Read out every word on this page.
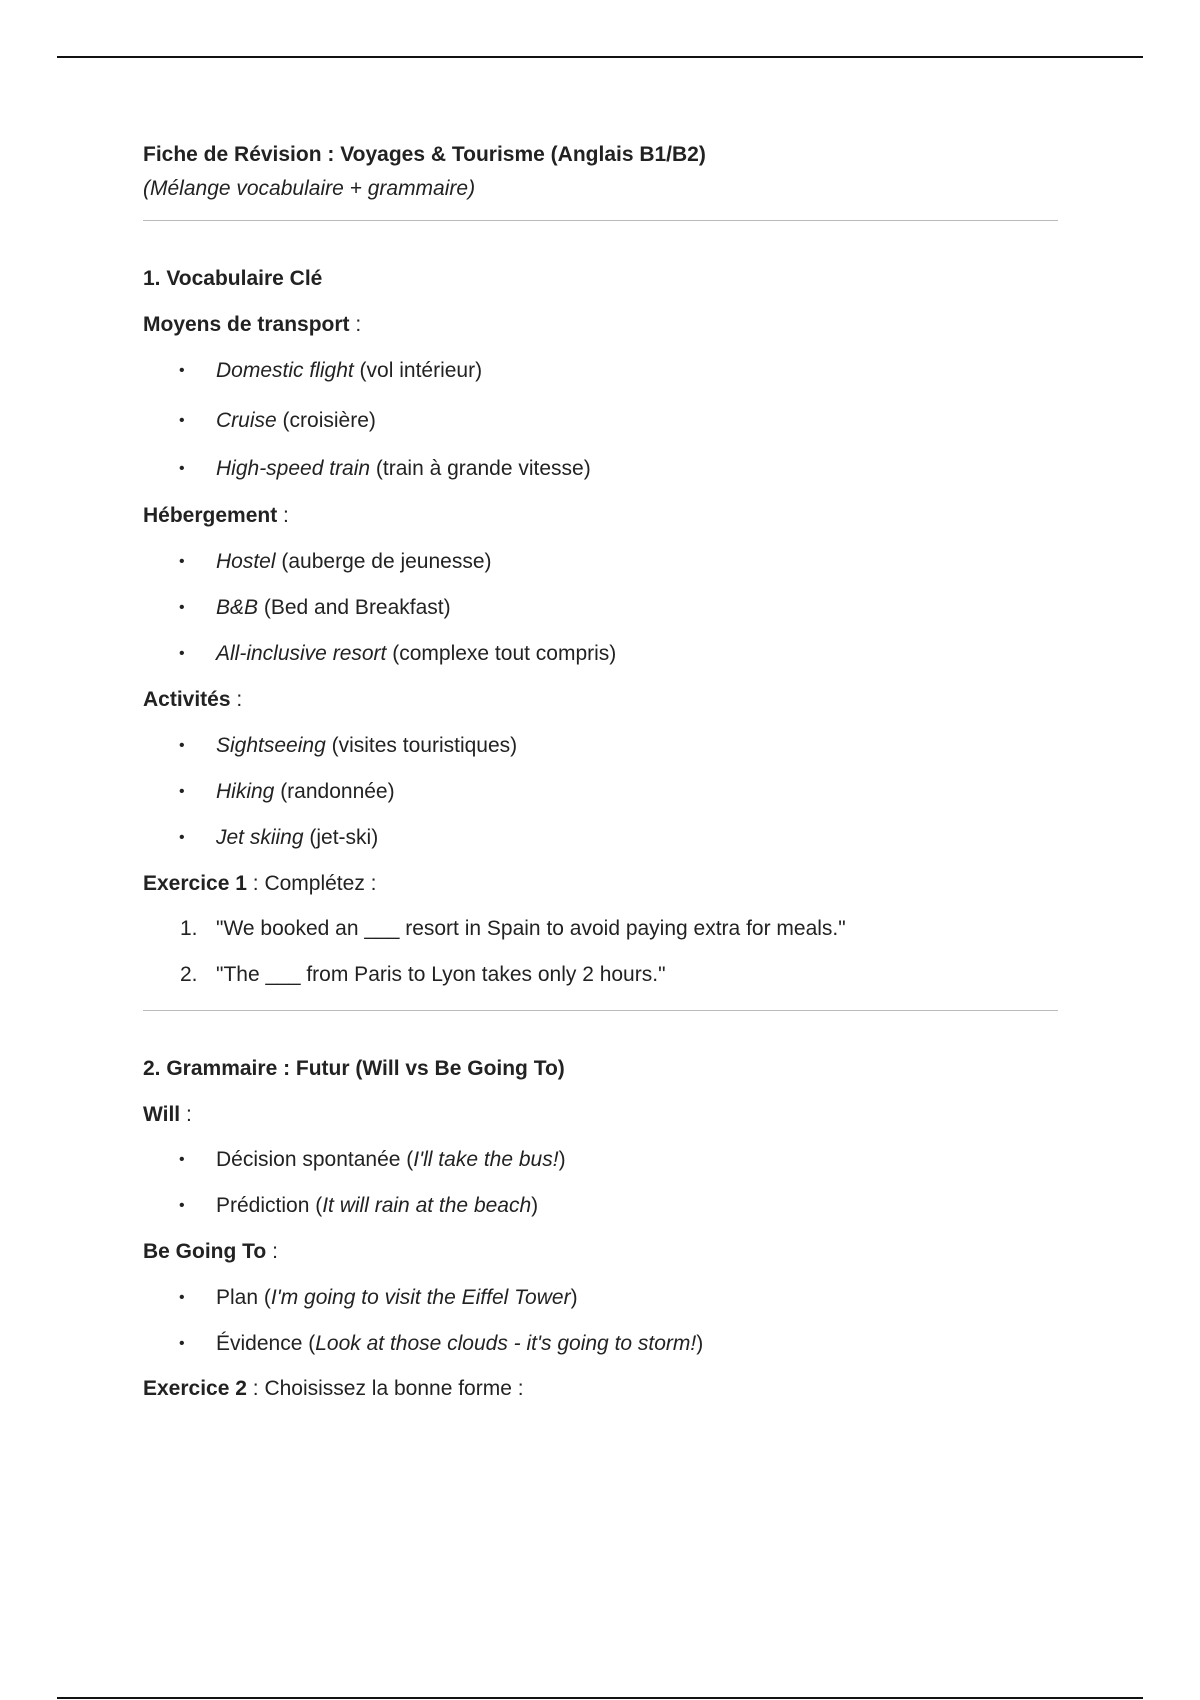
Fiche de Révision : Voyages & Tourisme (Anglais B1/B2)

(Mélange vocabulaire + grammaire)

1. Vocabulaire Clé

Moyens de transport :

• Domestic flight (vol intérieur)
• Cruise (croisière)
• High-speed train (train à grande vitesse)

Hébergement :

• Hostel (auberge de jeunesse)
• B&B (Bed and Breakfast)
• All-inclusive resort (complexe tout compris)

Activités :

• Sightseeing (visites touristiques)
• Hiking (randonnée)
• Jet skiing (jet-ski)

Exercice 1 : Complétez :

1. "We booked an ___ resort in Spain to avoid paying extra for meals."
2. "The ___ from Paris to Lyon takes only 2 hours."

2. Grammaire : Futur (Will vs Be Going To)

Will :

• Décision spontanée (I'll take the bus!)
• Prédiction (It will rain at the beach)

Be Going To :

• Plan (I'm going to visit the Eiffel Tower)
• Évidence (Look at those clouds - it's going to storm!)

Exercice 2 : Choisissez la bonne forme :
